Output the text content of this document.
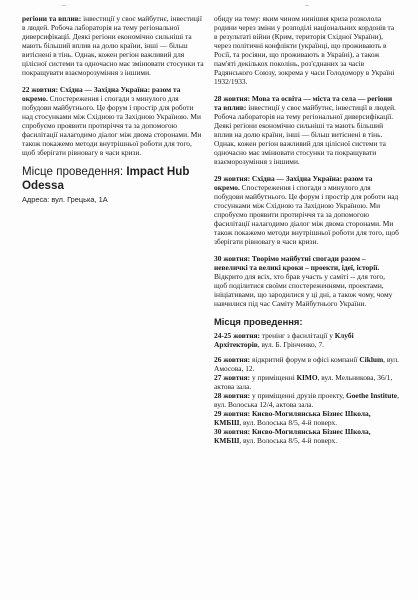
–	–

регіони та вплив: інвестиції у своє майбутнє, інвестиції в людей. Робоча лабораторія на тему регіональної диверсифікації. Деякі регіони економічно сильніші та мають більший вплив на долю країни, інші — більш витіснені в тінь. Однак, кожен регіон важливий для цілісної системи та одночасно має змінювати стосунки та покращувати взаєморозуміння з іншими.

22 жовтня: Східна — Західна Україна: разом та окремо. Спостереження і спогади з минулого для побудови майбутнього. Це форум і простір для роботи над стосунками між Східною та Західною Україною. Ми спробуємо проявити протиріччя та за допомогою фасилітації налагодимо діалог між двома сторонами. Ми також покажемо методи внутрішньої роботи для того, щоб зберігати рівновагу в часи кризи.

Місце проведення: Impact Hub Odessa
Адреса: вул. Грецька, 1А

обиду на тему: яким чином нинішня криза розколола родини через зміни у розподілі національних кордонів та в результаті війни (Крим, територія Східної України), через політичні конфлікти (українці, що проживають в Росії, та росіяни, що проживають в Україні), а також пам'яті декількох поколінь, роз'єднаних за часів Радянського Союзу, зокрема у часи Голодомору в Україні 1932/1933.

28 жовтня: Мова та освіта — міста та села — регіони та вплив: інвестиції у своє майбутнє, інвестиції в людей. Робоча лабораторія на тему регіональної диверсифікації. Деякі регіони економічно сильніші та мають більший вплив на долю країни, інші — більш витіснені в тінь. Однак, кожен регіон важливий для цілісної системи та одночасно має змінювати стосунки та покращувати взаєморозуміння з іншими.

29 жовтня: Східна — Західна Україна: разом та окремо. Спостереження і спогади з минулого для побудови майбутнього. Це форум і простір для роботи над стосунками між Східною та Західною Україною. Ми спробуємо проявити протиріччя та за допомогою фасилітації налагодимо діалог між двома сторонами. Ми також покажемо методи внутрішньої роботи для того, щоб зберігати рівновагу в часи кризи.

30 жовтня: Творімо майбутні спогади разом – невеличкі та великі кроки – проекти, ідеї, історії. Відкрито для всіх, хто брав участь у саміті -- для того, щоб поділитися своїми спостереженнями, проектами, ініціативами, що зародилися у ці дні, а також чому, чому навчилися під час Саміту Майбутнього України.

Місця проведення:

24-25 жовтня: тренінг з фасилітації у Клубі Архітекторів, вул. Б. Грінченко, 7.

26 жовтня: відкритий форум в офісі компанії Ciklum, вул. Амосова, 12.

27 жовтня: у приміщенні КІМО, вул. Мельникова, 36/1, актова зала.

28 жовтня: у приміщенні друзів проекту, Goethe Institute, вул. Волоська 12/4, актова зала.

29 жовтня: Києво-Могилянська Бізнес Школа, КМБШ, вул. Волоська 8/5, 4-й поверх.

30 жовтня: Києво-Могилянська Бізнес Школа, КМБШ, вул. Волоська 8/5, 4-й поверх.
